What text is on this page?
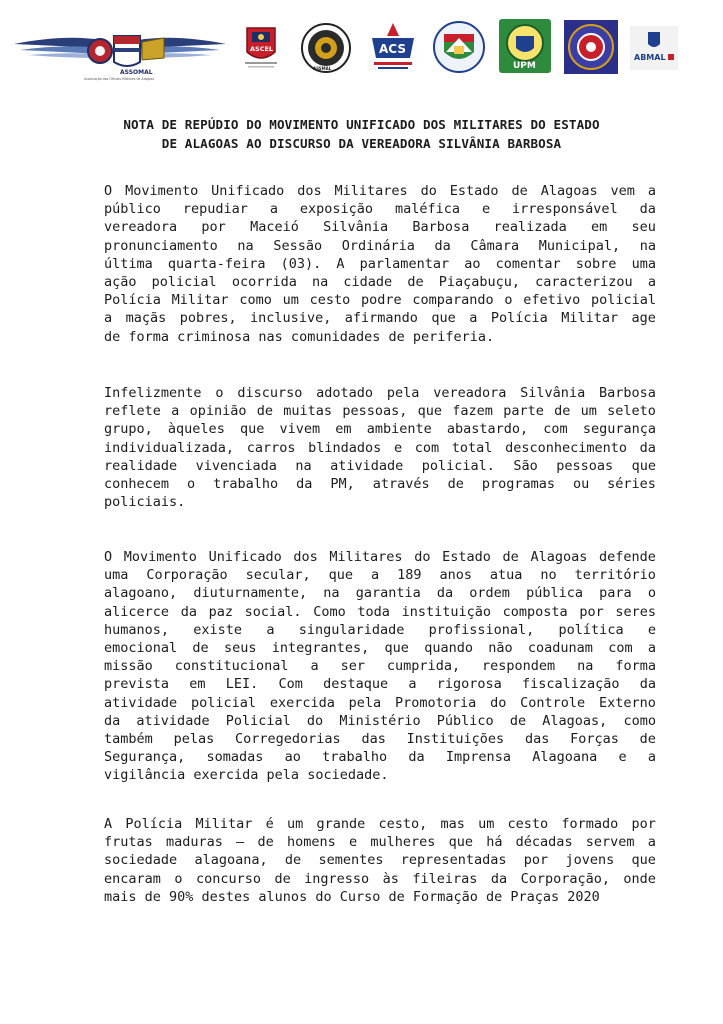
ASSOMAL
Associação dos Oficiais Militares de Alagoas
ASCEL
ASSMAL
ACS
UPM
ABMAL
NOTA DE REPÚDIO DO MOVIMENTO UNIFICADO DOS MILITARES DO ESTADO
DE ALAGOAS AO DISCURSO DA VEREADORA SILVÂNIA BARBOSA
O Movimento Unificado dos Militares do Estado de Alagoas vem a
público repudiar a exposição maléfica e irresponsável da
vereadora por Maceió Silvânia Barbosa realizada em seu
pronunciamento na Sessão Ordinária da Câmara Municipal, na
última quarta-feira (03). A parlamentar ao comentar sobre uma
ação policial ocorrida na cidade de Piaçabuçu, caracterizou a
Polícia Militar como um cesto podre comparando o efetivo policial
a maçãs pobres, inclusive, afirmando que a Polícia Militar age
de forma criminosa nas comunidades de periferia.
Infelizmente o discurso adotado pela vereadora Silvânia Barbosa
reflete a opinião de muitas pessoas, que fazem parte de um seleto
grupo, àqueles que vivem em ambiente abastardo, com segurança
individualizada, carros blindados e com total desconhecimento da
realidade vivenciada na atividade policial. São pessoas que
conhecem o trabalho da PM, através de programas ou séries
policiais.
O Movimento Unificado dos Militares do Estado de Alagoas defende
uma Corporação secular, que a 189 anos atua no território
alagoano, diuturnamente, na garantia da ordem pública para o
alicerce da paz social. Como toda instituição composta por seres
humanos, existe a singularidade profissional, política e
emocional de seus integrantes, que quando não coadunam com a
missão constitucional a ser cumprida, respondem na forma
prevista em LEI. Com destaque a rigorosa fiscalização da
atividade policial exercida pela Promotoria do Controle Externo
da atividade Policial do Ministério Público de Alagoas, como
também pelas Corregedorias das Instituições das Forças de
Segurança, somadas ao trabalho da Imprensa Alagoana e a
vigilância exercida pela sociedade.
A Polícia Militar é um grande cesto, mas um cesto formado por
frutas maduras – de homens e mulheres que há décadas servem a
sociedade alagoana, de sementes representadas por jovens que
encaram o concurso de ingresso às fileiras da Corporação, onde
mais de 90% destes alunos do Curso de Formação de Praças 2020
